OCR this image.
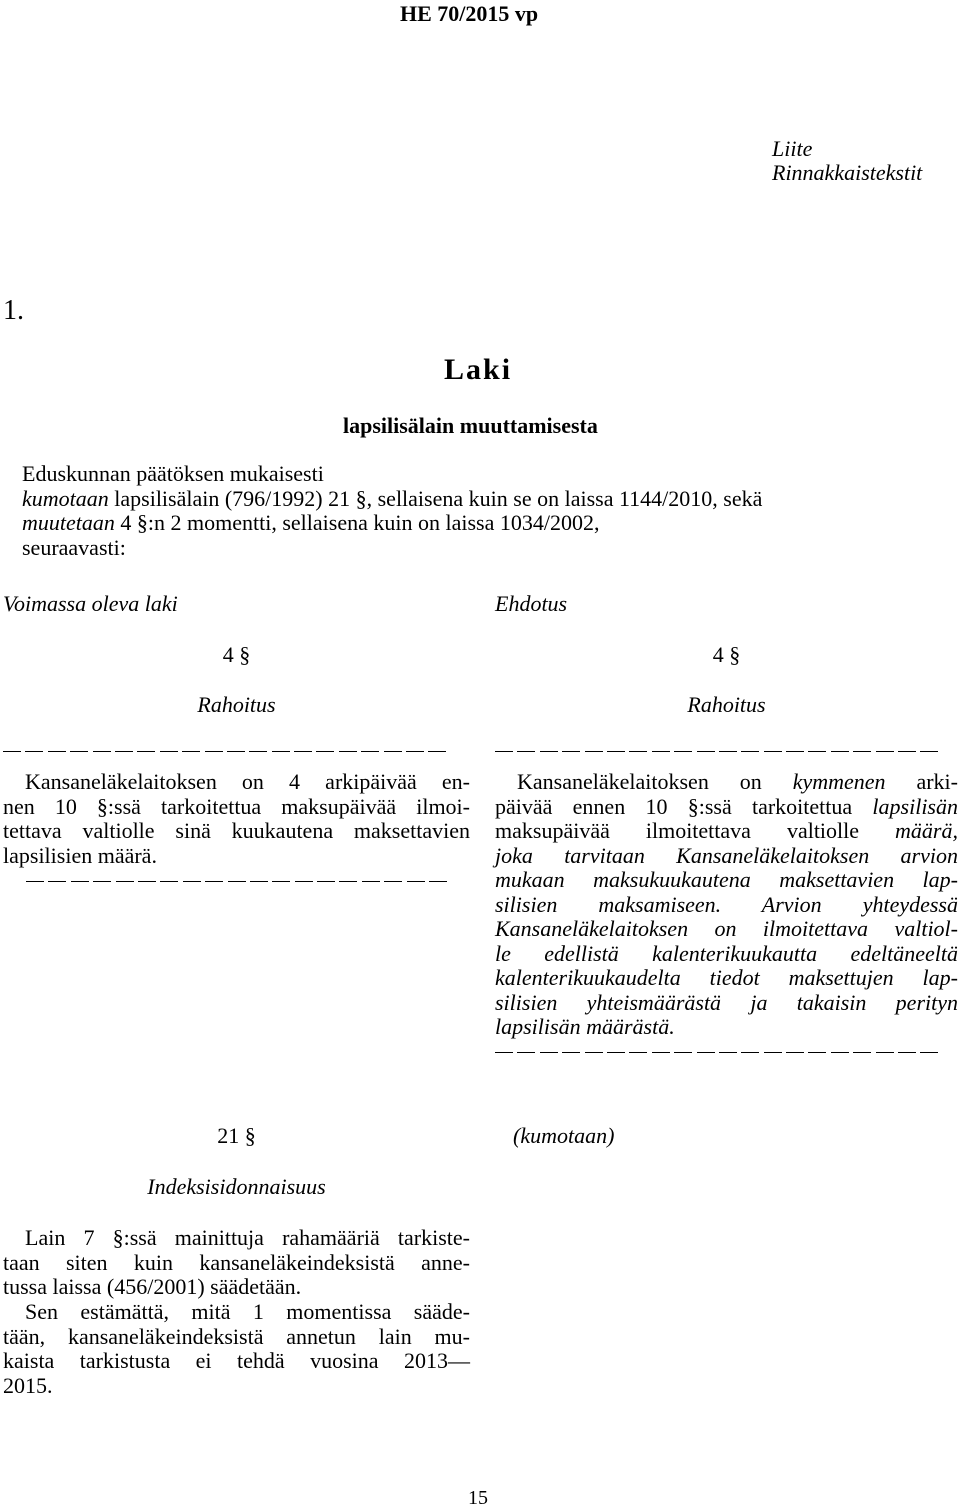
HE 70/2015 vp
Liite
Rinnakkaistekstit
1.
Laki
lapsilisälain muuttamisesta
Eduskunnan päätöksen mukaisesti
kumotaan lapsilisälain (796/1992) 21 §, sellaisena kuin se on laissa 1144/2010, sekä
muutetaan 4 §:n 2 momentti, sellaisena kuin on laissa 1034/2002,
seuraavasti:
Voimassa oleva laki	Ehdotus
4 §
Rahoitus
Kansaneläkelaitoksen on 4 arkipäivää en-
nen 10 §:ssä tarkoitettua maksupäivää ilmoi-
tettava valtiolle sinä kuukautena maksettavien
lapsilisien määrä.
4 §
Rahoitus
Kansaneläkelaitoksen on kymmenen arki-
päivää ennen 10 §:ssä tarkoitettua lapsilisän
maksupäivää ilmoitettava valtiolle määrä,
joka tarvitaan Kansaneläkelaitoksen arvion
mukaan maksukuukautena maksettavien lap-
silisien maksamiseen. Arvion yhteydessä
Kansaneläkelaitoksen on ilmoitettava valtiol-
le edellistä kalenterikuukautta edeltäneeltä
kalenterikuukaudelta tiedot maksettujen lap-
silisien yhteismäärästä ja takaisin perityn
lapsilisän määrästä.
21 §
Indeksisidonnaisuus
Lain 7 §:ssä mainittuja rahamääriä tarkiste-
taan siten kuin kansaneläkeindeksistä anne-
tussa laissa (456/2001) säädetään.
Sen estämättä, mitä 1 momentissa sääde-
tään, kansaneläkeindeksistä annetun lain mu-
kaista tarkistusta ei tehdä vuosina 2013—
2015.
(kumotaan)
15
